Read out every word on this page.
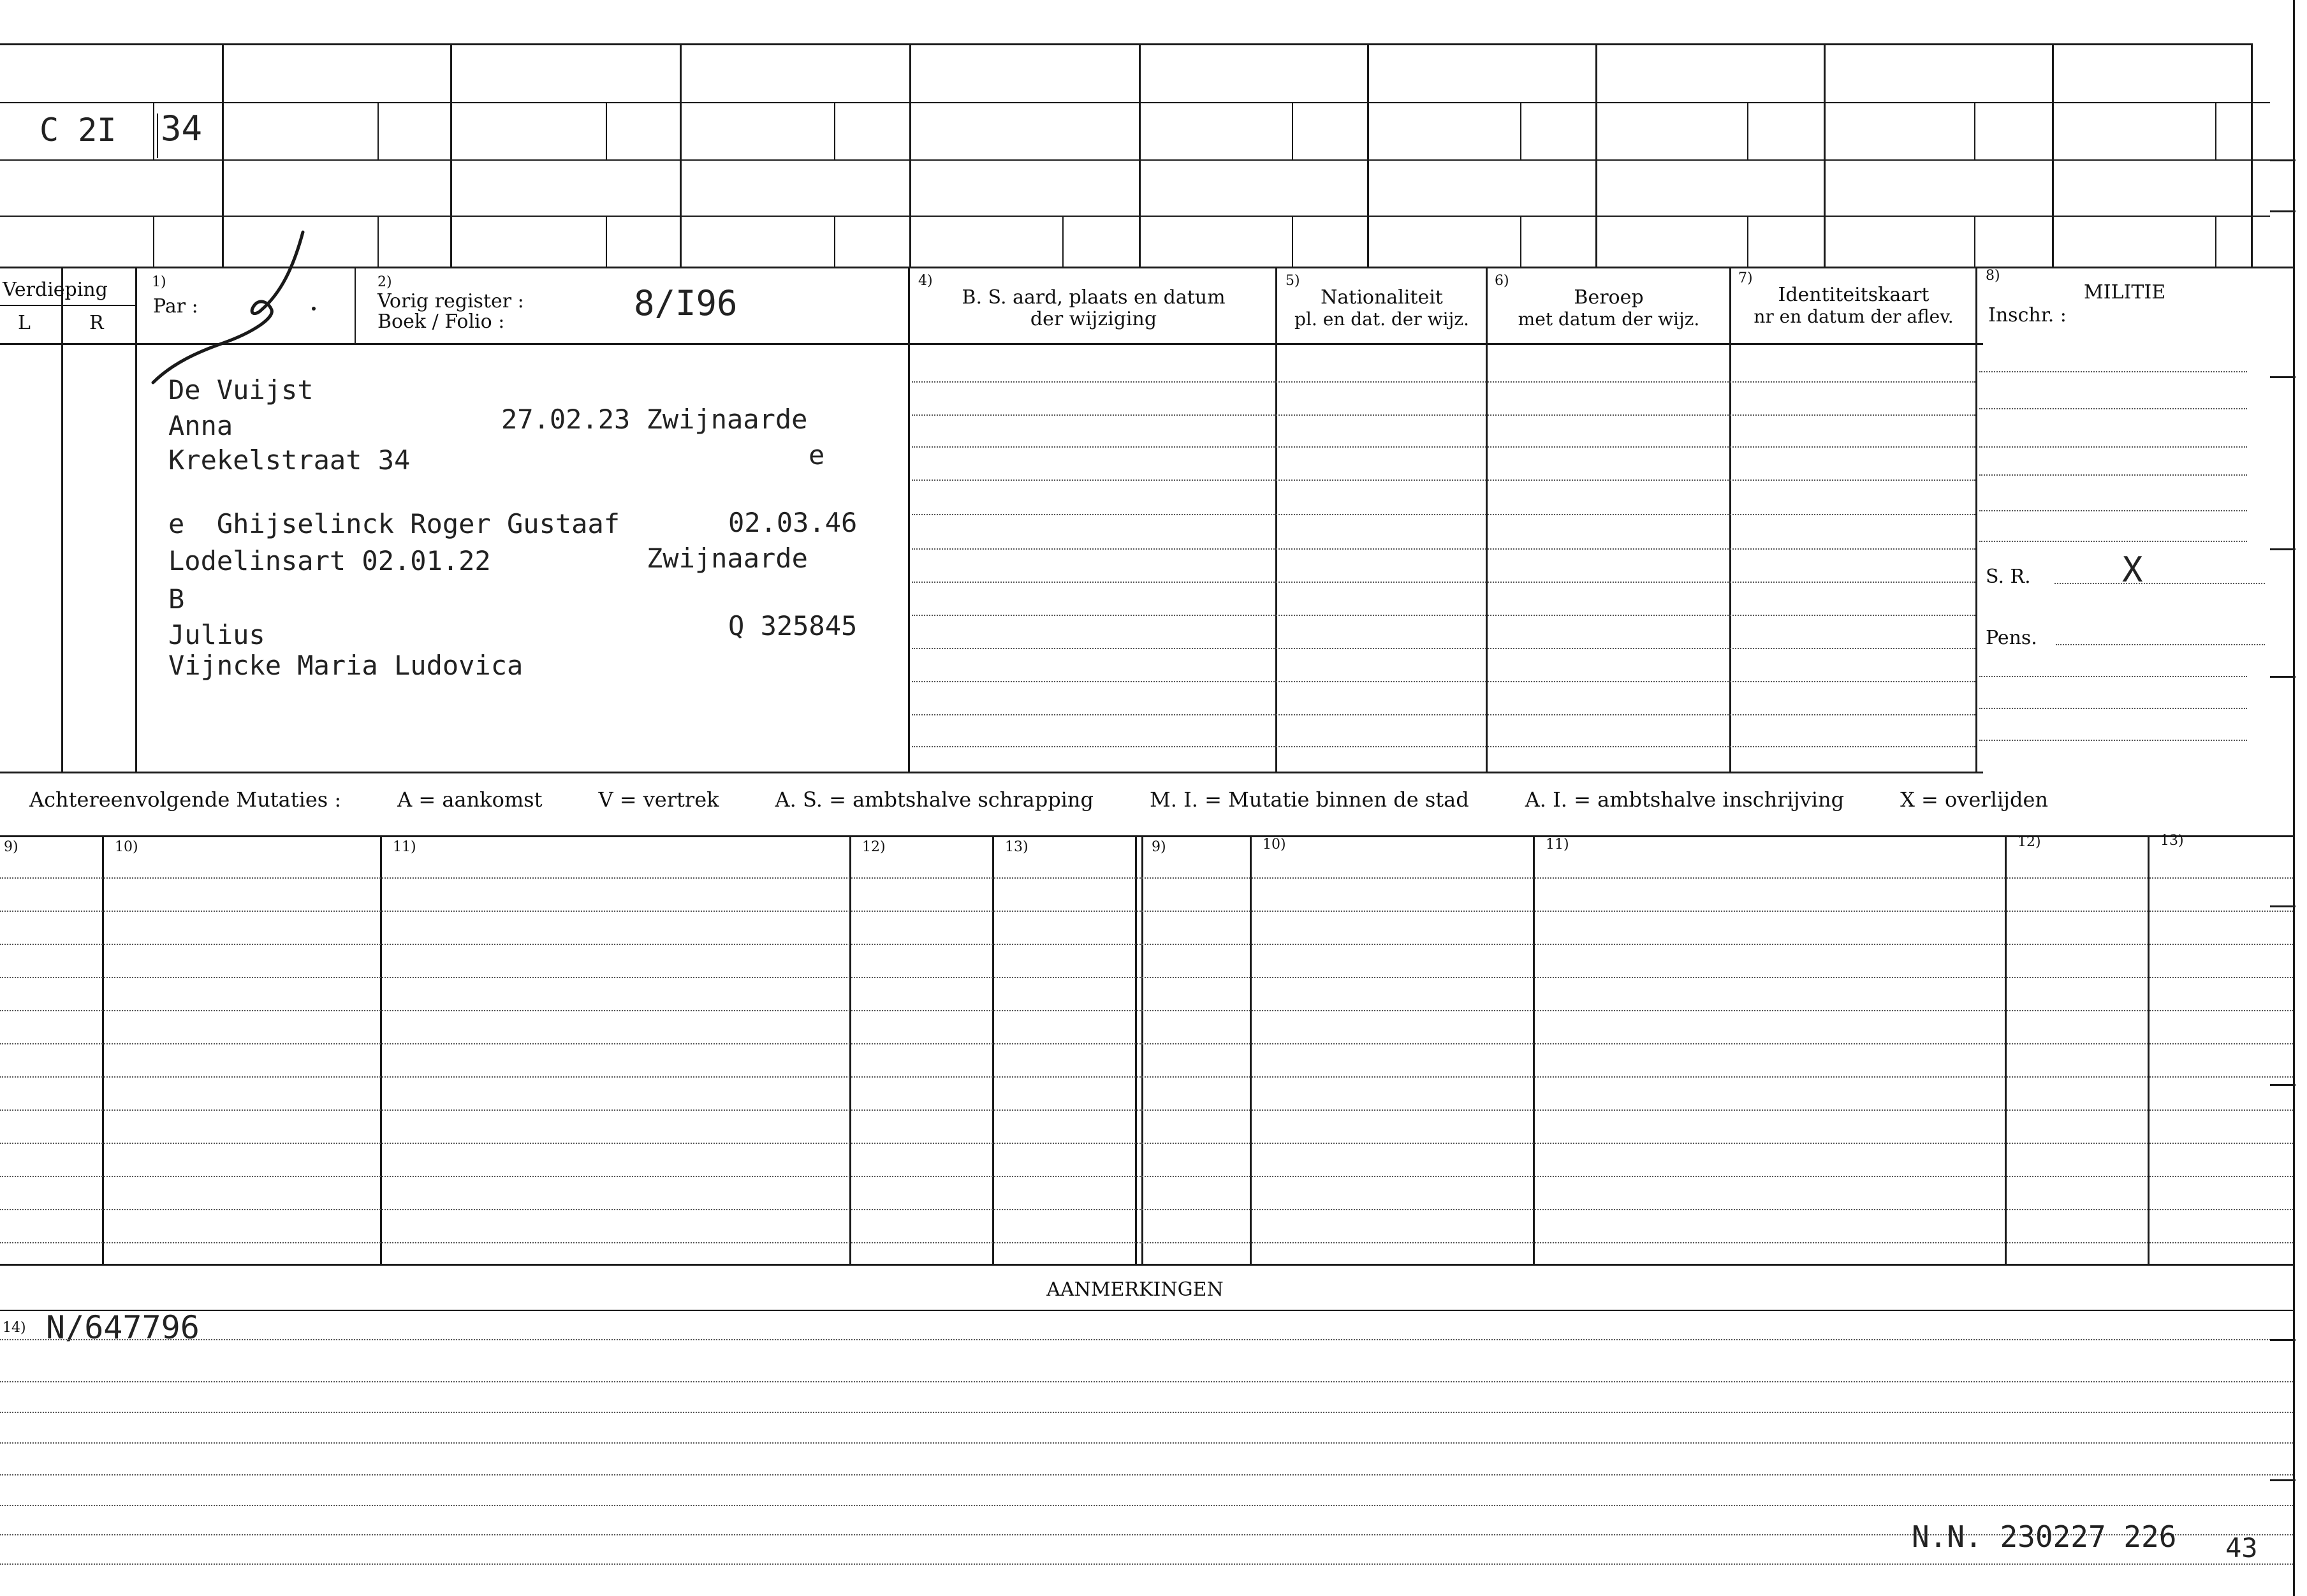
C 2I 34
Verdieping
L	R
1)
Par :
2)
Vorig register :
Boek / Folio :	8/I96
4)
B. S. aard, plaats en datum
der wijziging
5)
Nationaliteit
pl. en dat. der wijz.
6)
Beroep
met datum der wijz.
7)
Identiteitskaart
nr en datum der aflev.
8)
MILITIE
Inschr. :
S. R.	X
Pens.
De Vuijst
Anna	27.02.23 Zwijnaarde
Krekelstraat 34	e
e  Ghijselinck Roger Gustaaf	02.03.46
Lodelinsart 02.01.22	Zwijnaarde
B
Julius	Q 325845
Vijncke Maria Ludovica
Achtereenvolgende Mutaties :	A = aankomst	V = vertrek	A. S. = ambtshalve schrapping	M. I. = Mutatie binnen de stad	A. I. = ambtshalve inschrijving	X = overlijden
9)	10)	11)	12)	13)	9)	10)	11)	12)	13)
AANMERKINGEN
14) N/647796
N.N. 230227 226 43
